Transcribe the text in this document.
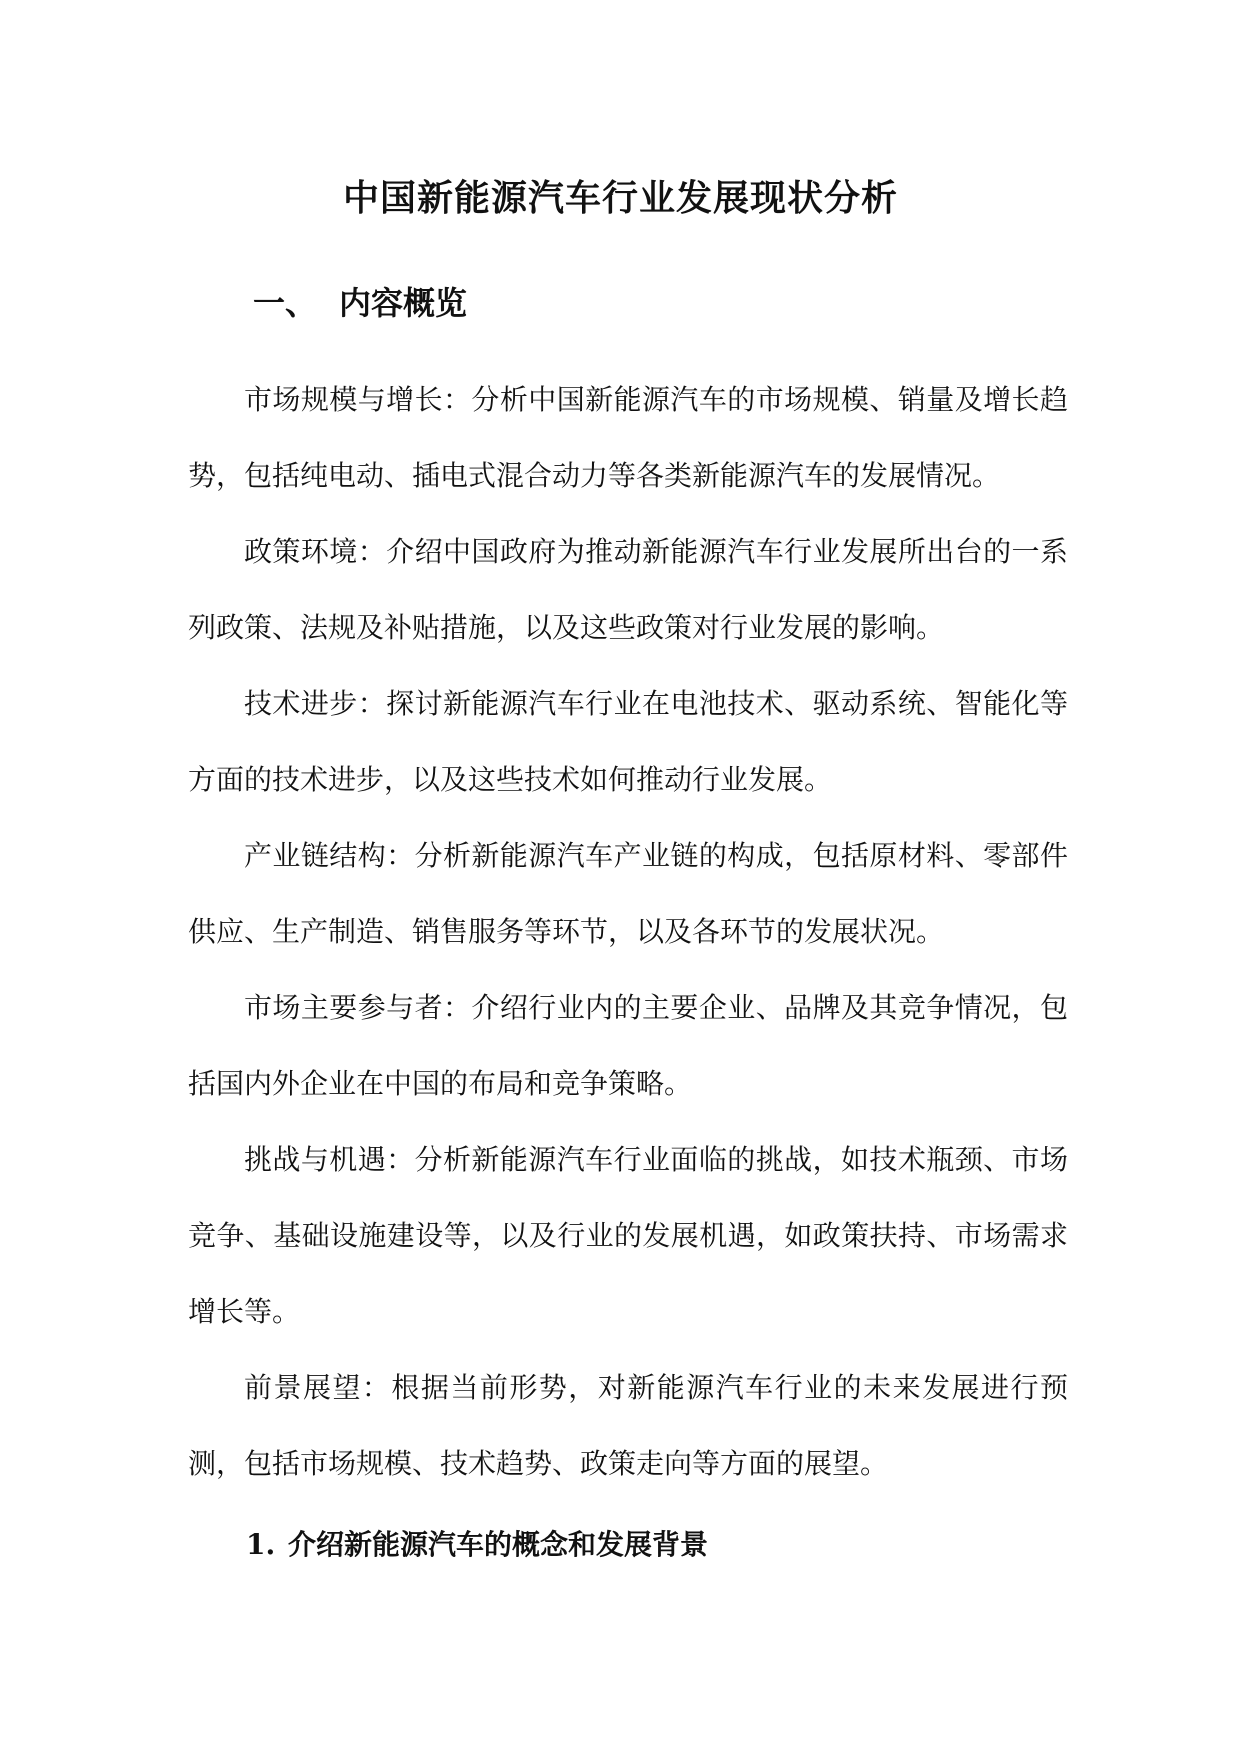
中国新能源汽车行业发展现状分析
一、 内容概览

市场规模与增长：分析中国新能源汽车的市场规模、销量及增长趋势，包括纯电动、插电式混合动力等各类新能源汽车的发展情况。

政策环境：介绍中国政府为推动新能源汽车行业发展所出台的一系列政策、法规及补贴措施，以及这些政策对行业发展的影响。

技术进步：探讨新能源汽车行业在电池技术、驱动系统、智能化等方面的技术进步，以及这些技术如何推动行业发展。

产业链结构：分析新能源汽车产业链的构成，包括原材料、零部件供应、生产制造、销售服务等环节，以及各环节的发展状况。

市场主要参与者：介绍行业内的主要企业、品牌及其竞争情况，包括国内外企业在中国的布局和竞争策略。

挑战与机遇：分析新能源汽车行业面临的挑战，如技术瓶颈、市场竞争、基础设施建设等，以及行业的发展机遇，如政策扶持、市场需求增长等。

前景展望：根据当前形势，对新能源汽车行业的未来发展进行预测，包括市场规模、技术趋势、政策走向等方面的展望。

1. 介绍新能源汽车的概念和发展背景
